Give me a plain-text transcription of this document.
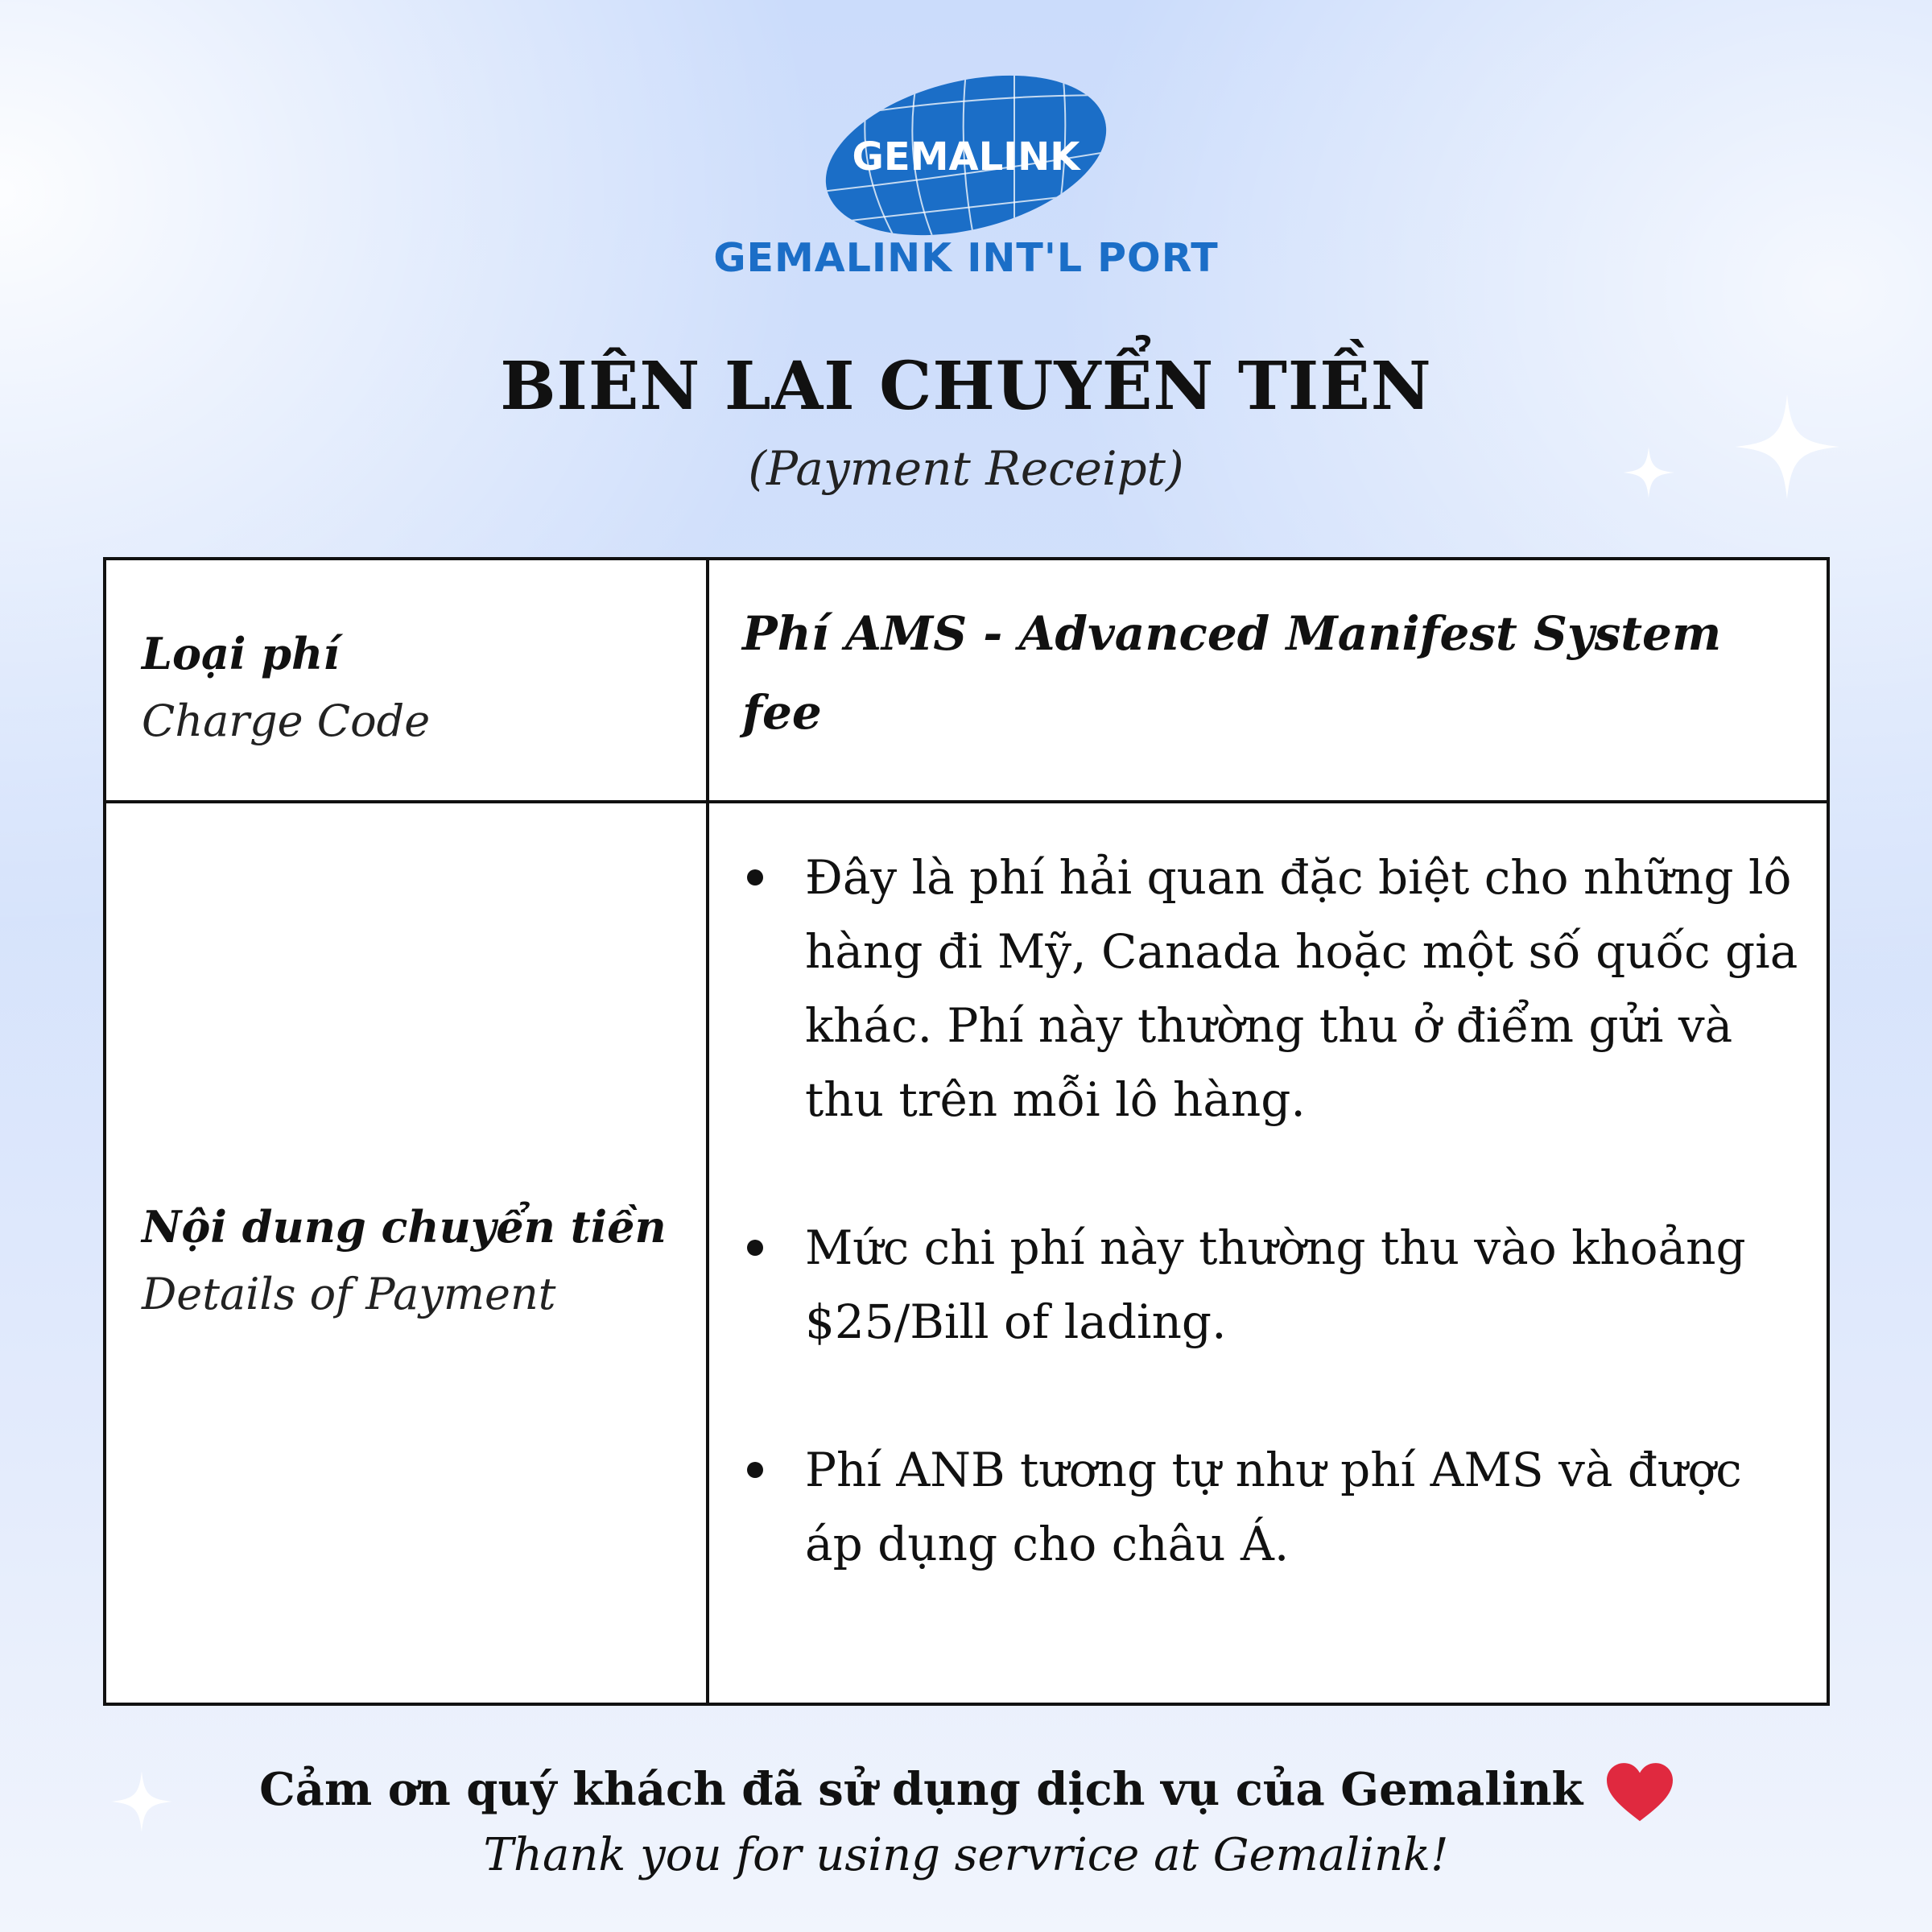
GEMALINK
GEMALINK INT'L PORT
BIÊN LAI CHUYỂN TIỀN
(Payment Receipt)
Loại phí
Charge Code
Phí AMS - Advanced Manifest System fee
Nội dung chuyển tiền
Details of Payment
Đây là phí hải quan đặc biệt cho những lô hàng đi Mỹ, Canada hoặc một số quốc gia khác. Phí này thường thu ở điểm gửi và thu trên mỗi lô hàng.
Mức chi phí này thường thu vào khoảng $25/Bill of lading.
Phí ANB tương tự như phí AMS và được áp dụng cho châu Á.
Cảm ơn quý khách đã sử dụng dịch vụ của Gemalink
Thank you for using servrice at Gemalink!
